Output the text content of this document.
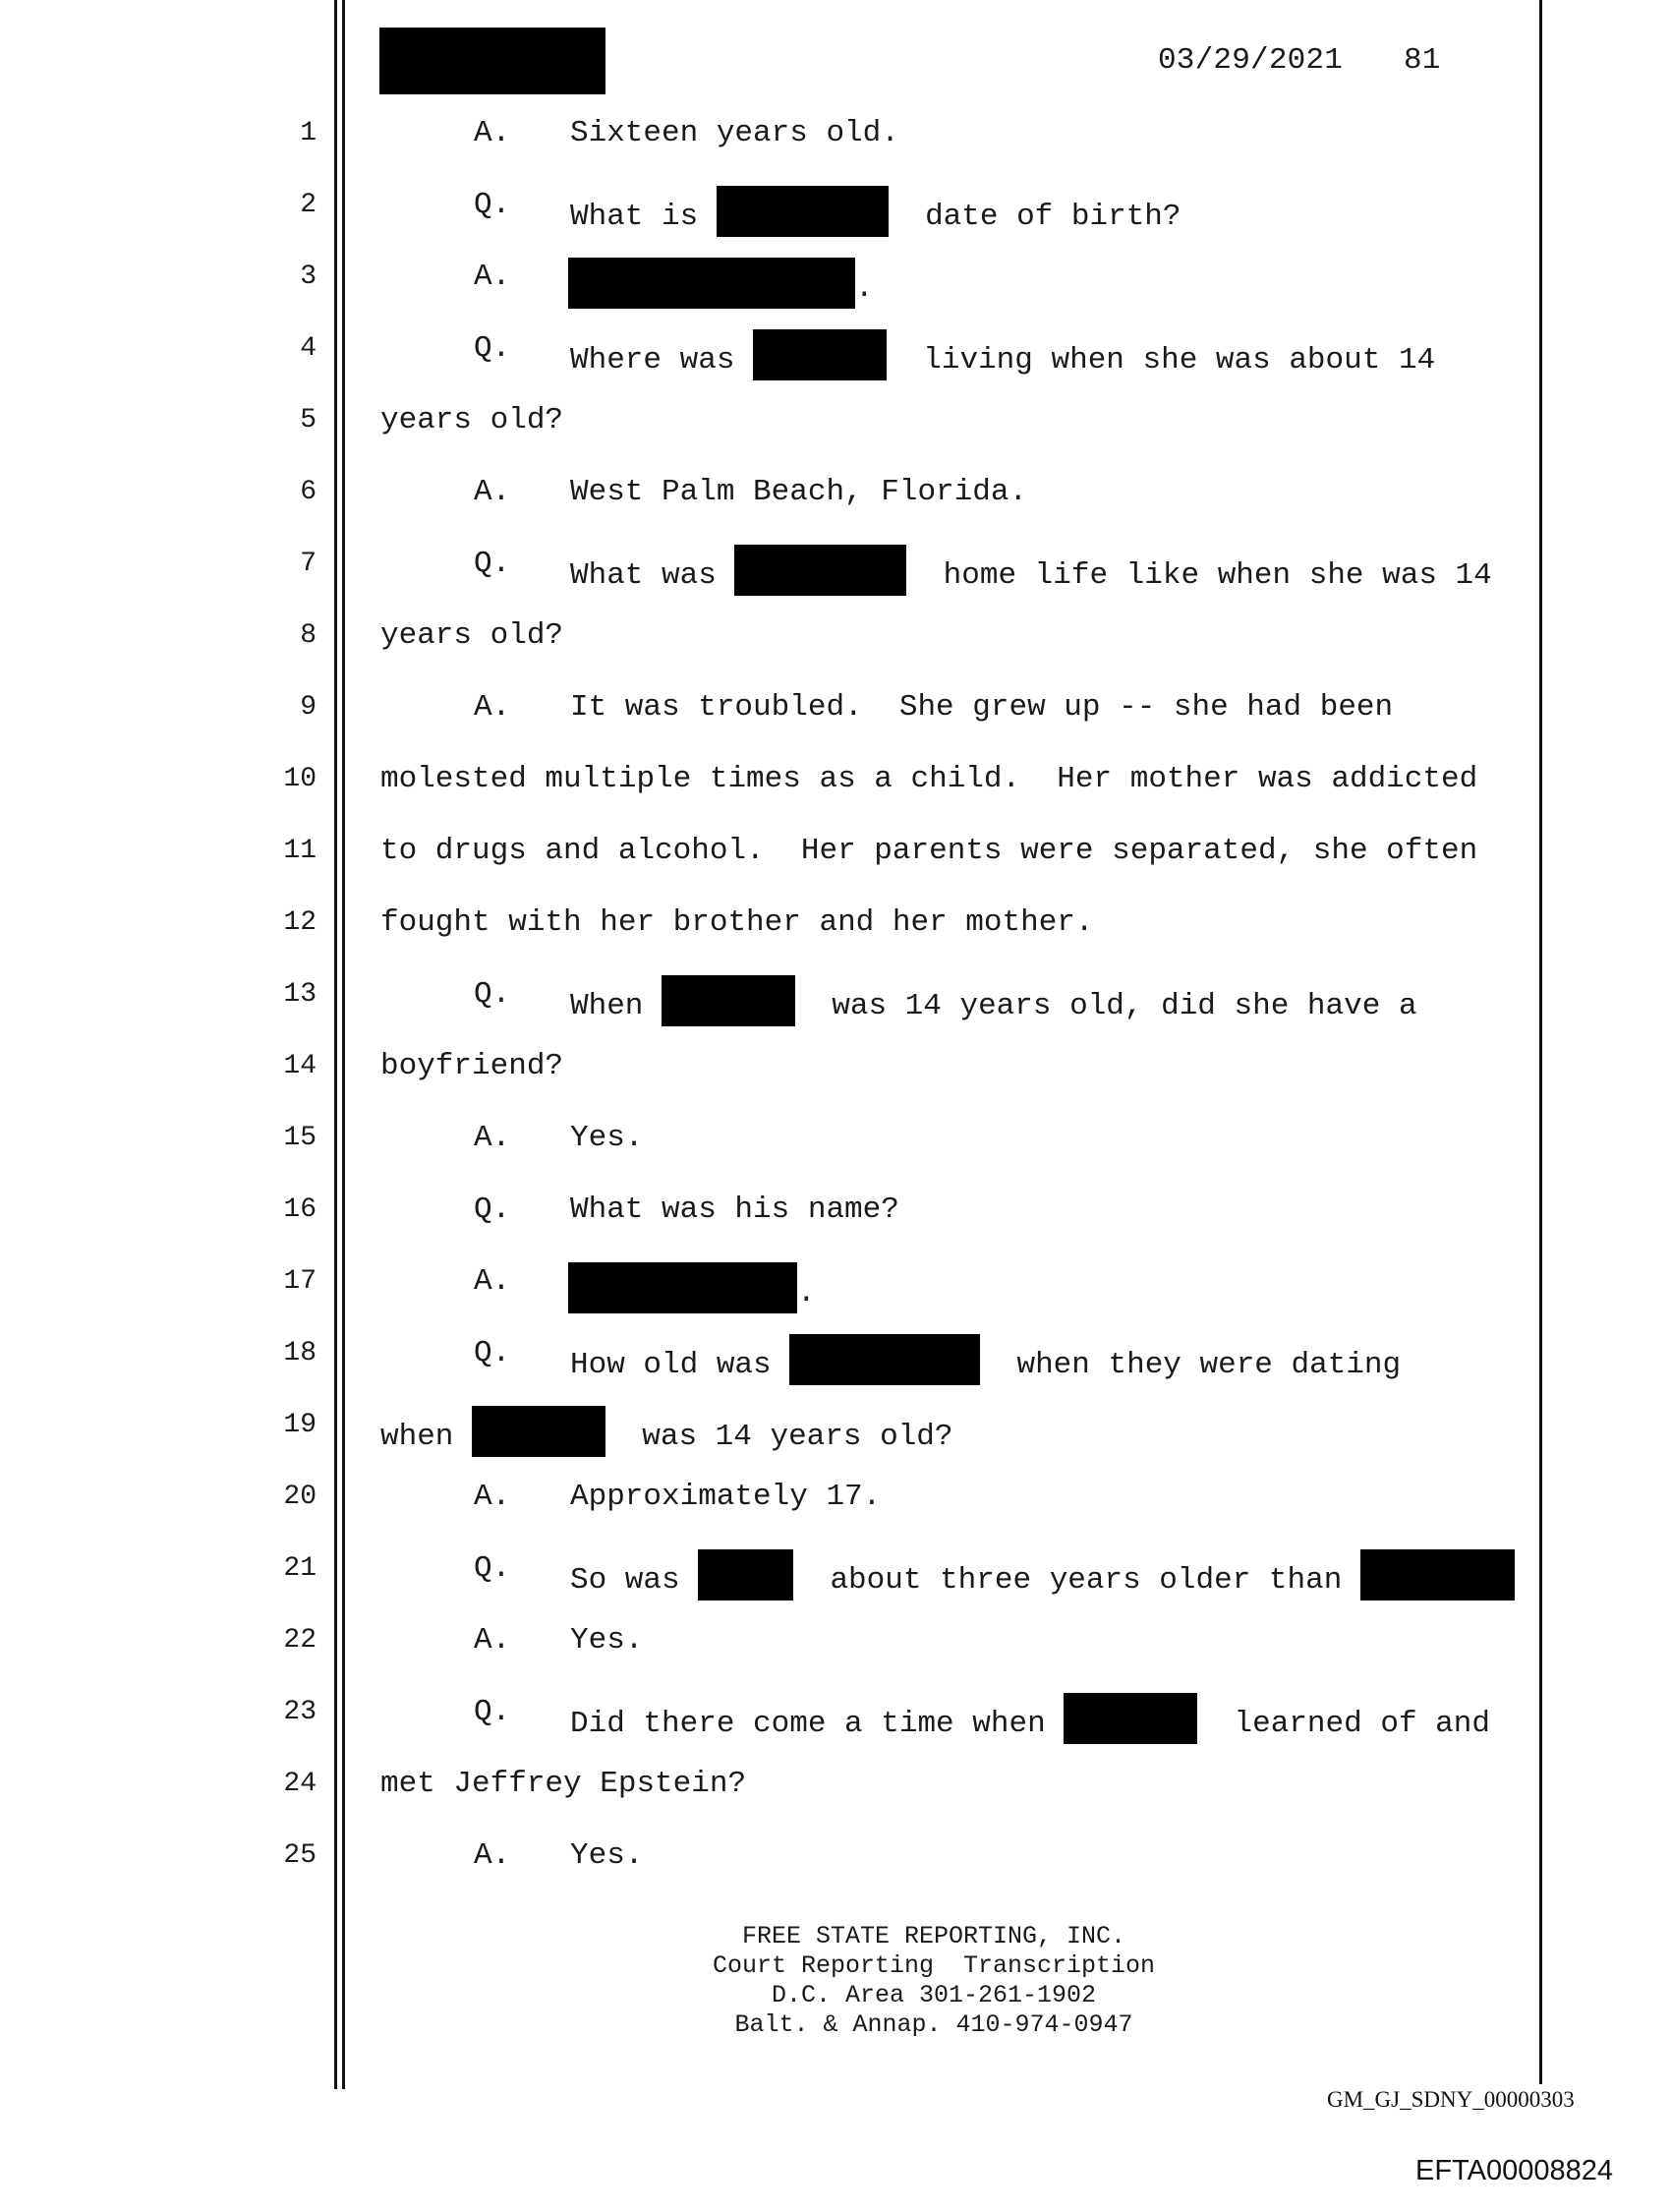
03/29/2021 81
1	A. Sixteen years old.
2	Q. What is	date of birth?
3	A.	.
4	Q. Where was	living when she was about 14
5 years old?
6	A. West Palm Beach, Florida.
7	Q. What was	home life like when she was 14
8 years old?
9	A. It was troubled.  She grew up -- she had been
10 molested multiple times as a child.  Her mother was addicted
11 to drugs and alcohol.  Her parents were separated, she often
12 fought with her brother and her mother.
13	Q. When	was 14 years old, did she have a
14 boyfriend?
15	A. Yes.
16	Q. What was his name?
17	A.	.
18	Q. How old was	when they were dating
19 when	was 14 years old?
20	A. Approximately 17.
21	Q. So was	about three years older than
22	A. Yes.
23	Q. Did there come a time when	learned of and
24 met Jeffrey Epstein?
25	A. Yes.
FREE STATE REPORTING, INC.
Court Reporting  Transcription
D.C. Area 301-261-1902
Balt. & Annap. 410-974-0947
GM_GJ_SDNY_00000303
EFTA00008824
